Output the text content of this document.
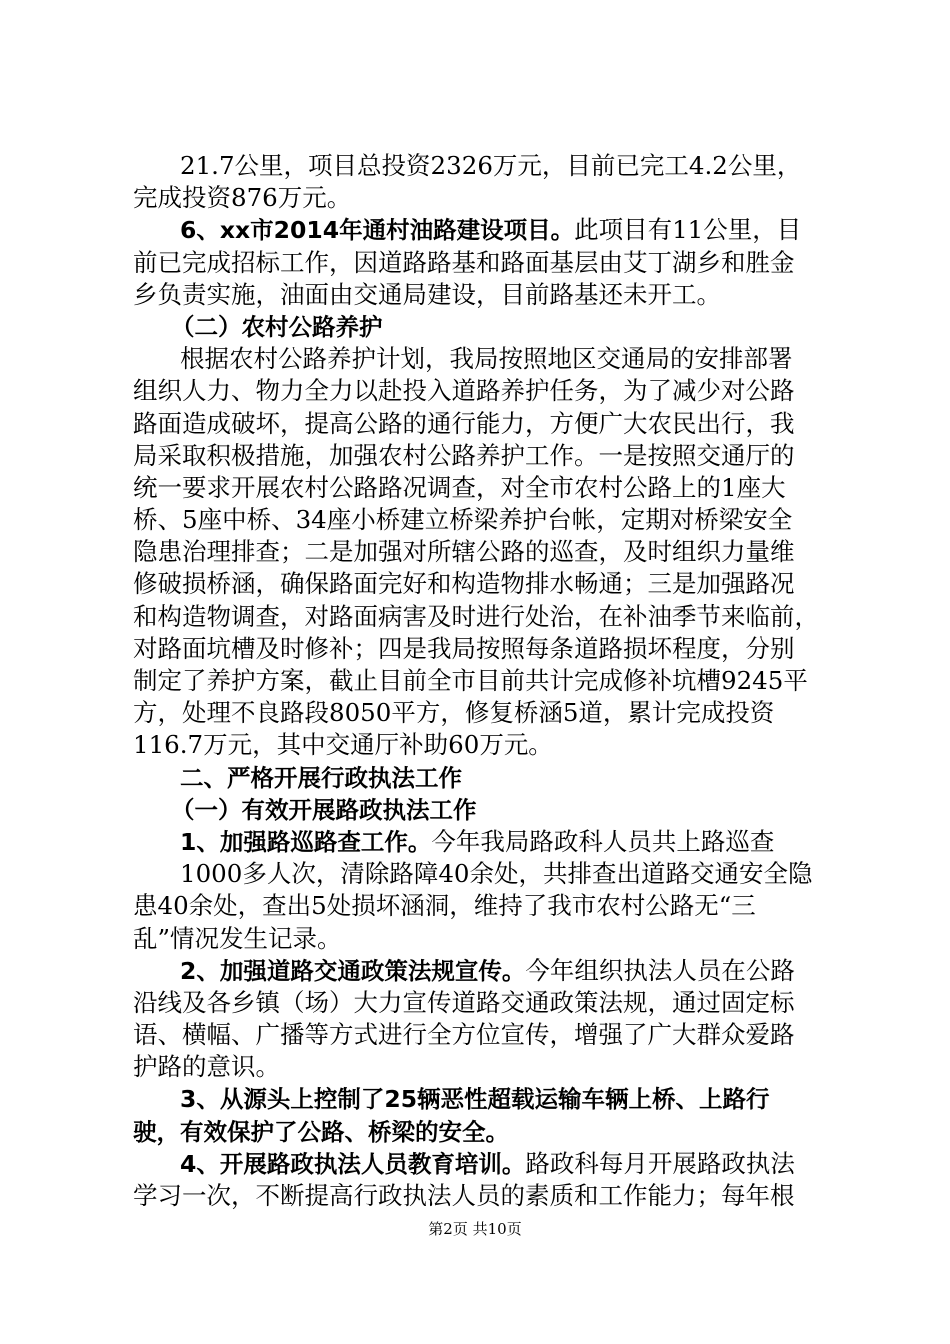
21.7公里，项目总投资2326万元，目前已完工4.2公里，
完成投资876万元。
6、xx市2014年通村油路建设项目。此项目有11公里，目
前已完成招标工作，因道路路基和路面基层由艾丁湖乡和胜金
乡负责实施，油面由交通局建设，目前路基还未开工。
（二）农村公路养护
根据农村公路养护计划，我局按照地区交通局的安排部署
组织人力、物力全力以赴投入道路养护任务，为了减少对公路
路面造成破坏，提高公路的通行能力，方便广大农民出行，我
局采取积极措施，加强农村公路养护工作。一是按照交通厅的
统一要求开展农村公路路况调查，对全市农村公路上的1座大
桥、5座中桥、34座小桥建立桥梁养护台帐，定期对桥梁安全
隐患治理排查；二是加强对所辖公路的巡查，及时组织力量维
修破损桥涵，确保路面完好和构造物排水畅通；三是加强路况
和构造物调查，对路面病害及时进行处治，在补油季节来临前，
对路面坑槽及时修补；四是我局按照每条道路损坏程度，分别
制定了养护方案，截止目前全市目前共计完成修补坑槽9245平
方，处理不良路段8050平方，修复桥涵5道，累计完成投资
116.7万元，其中交通厅补助60万元。
二、严格开展行政执法工作
（一）有效开展路政执法工作
1、加强路巡路查工作。今年我局路政科人员共上路巡查
1000多人次，清除路障40余处，共排查出道路交通安全隐
患40余处，查出5处损坏涵洞，维持了我市农村公路无“三
乱”情况发生记录。
2、加强道路交通政策法规宣传。今年组织执法人员在公路
沿线及各乡镇（场）大力宣传道路交通政策法规，通过固定标
语、横幅、广播等方式进行全方位宣传，增强了广大群众爱路
护路的意识。
3、从源头上控制了25辆恶性超载运输车辆上桥、上路行
驶，有效保护了公路、桥梁的安全。
4、开展路政执法人员教育培训。路政科每月开展路政执法
学习一次，不断提高行政执法人员的素质和工作能力；每年根
第2页 共10页
